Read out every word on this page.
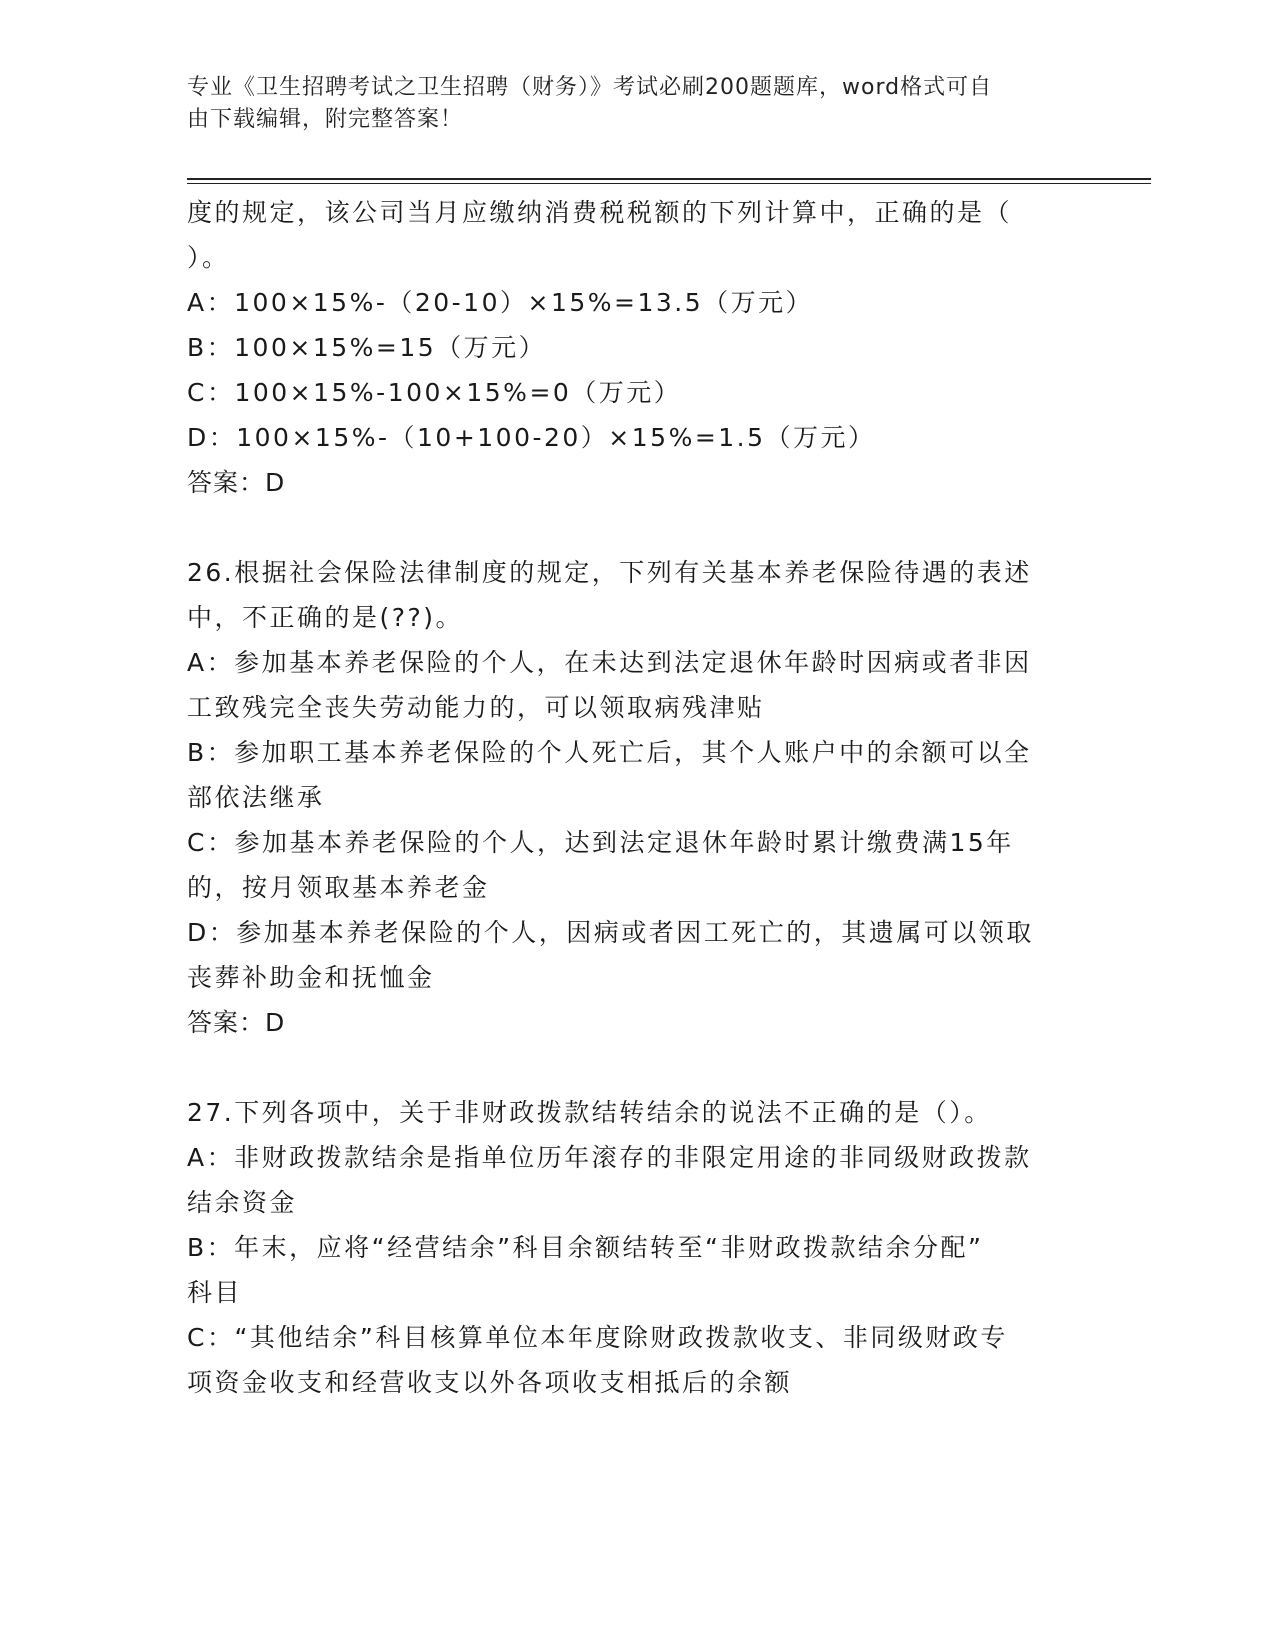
专业《卫生招聘考试之卫生招聘（财务）》考试必刷200题题库，word格式可自
由下载编辑，附完整答案！

度的规定，该公司当月应缴纳消费税税额的下列计算中，正确的是（

）。

A：100×15%-（20-10）×15%=13.5（万元）

B：100×15%=15（万元）

C：100×15%-100×15%=0（万元）

D：100×15%-（10+100-20）×15%=1.5（万元）

答案：D

26.根据社会保险法律制度的规定，下列有关基本养老保险待遇的表述

中，不正确的是(??)。

A：参加基本养老保险的个人，在未达到法定退休年龄时因病或者非因

工致残完全丧失劳动能力的，可以领取病残津贴

B：参加职工基本养老保险的个人死亡后，其个人账户中的余额可以全

部依法继承

C：参加基本养老保险的个人，达到法定退休年龄时累计缴费满15年

的，按月领取基本养老金

D：参加基本养老保险的个人，因病或者因工死亡的，其遗属可以领取

丧葬补助金和抚恤金

答案：D

27.下列各项中，关于非财政拨款结转结余的说法不正确的是（）。

A：非财政拨款结余是指单位历年滚存的非限定用途的非同级财政拨款

结余资金

B：年末，应将“经营结余”科目余额结转至“非财政拨款结余分配”

科目

C：“其他结余”科目核算单位本年度除财政拨款收支、非同级财政专

项资金收支和经营收支以外各项收支相抵后的余额
